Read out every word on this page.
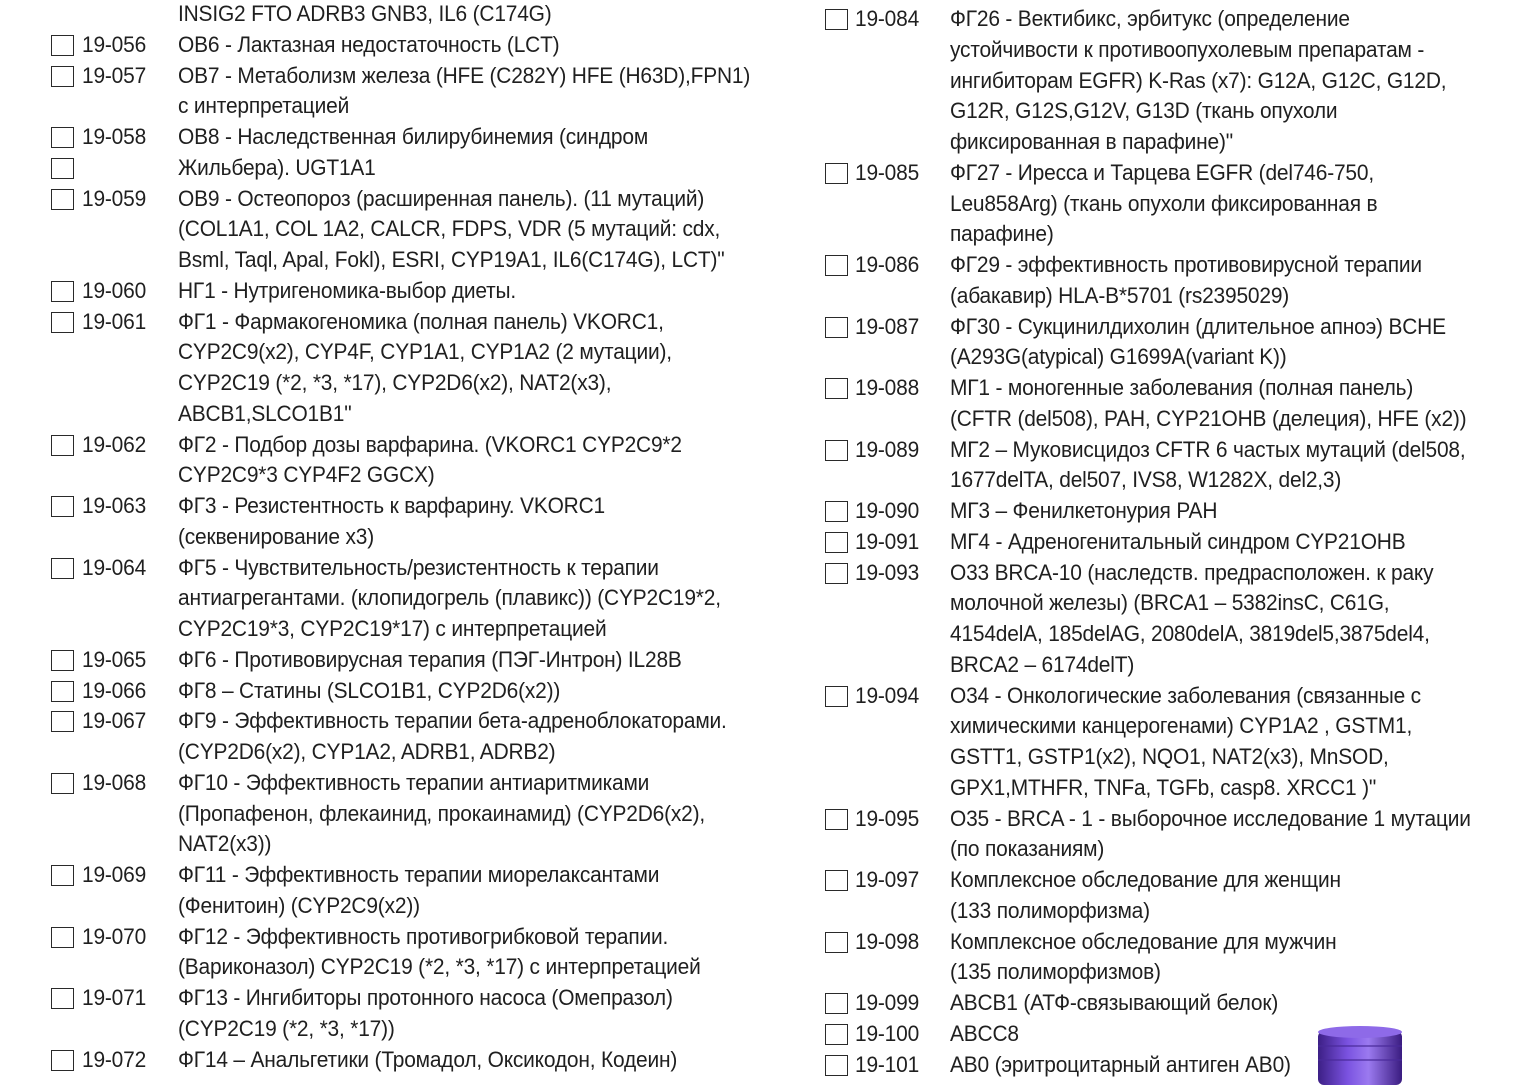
INSIG2 FTO ADRB3 GNB3, IL6 (C174G)
19-056 ОВ6 - Лактазная недостаточность (LCT)
19-057 ОВ7 - Метаболизм железа (HFE (C282Y) HFE (H63D),FPN1)
с интерпретацией
19-058 ОВ8 - Наследственная билирубинемия (синдром
Жильбера). UGT1A1
19-059 ОВ9 - Остеопороз (расширенная панель). (11 мутаций)
(COL1A1, COL 1A2, CALCR, FDPS, VDR (5 мутаций: cdx,
Bsml, Taql, Apal, Fokl), ESRI, CYP19A1, IL6(C174G), LCT)"
19-060 НГ1 - Нутригеномика-выбор диеты.
19-061 ФГ1 - Фармакогеномика (полная панель) VKORC1,
CYP2C9(x2), CYP4F, CYP1A1, CYP1A2 (2 мутации),
CYP2C19 (*2, *3, *17), CYP2D6(x2), NAT2(x3),
ABCB1,SLCO1B1"
19-062 ФГ2 - Подбор дозы варфарина. (VKORC1 CYP2C9*2
CYP2C9*3 CYP4F2 GGCX)
19-063 ФГ3 - Резистентность к варфарину. VKORC1
(секвенирование x3)
19-064 ФГ5 - Чувствительность/резистентность к терапии
антиагрегантами. (клопидогрель (плавикс)) (CYP2C19*2,
CYP2C19*3, CYP2C19*17) с интерпретацией
19-065 ФГ6 - Противовирусная терапия (ПЭГ-Интрон) IL28B
19-066 ФГ8 – Статины (SLCO1B1, CYP2D6(x2))
19-067 ФГ9 - Эффективность терапии бета-адреноблокаторами.
(CYP2D6(x2), CYP1A2, ADRB1, ADRB2)
19-068 ФГ10 - Эффективность терапии антиаритмиками
(Пропафенон, флекаинид, прокаинамид) (CYP2D6(x2),
NAT2(x3))
19-069 ФГ11 - Эффективность терапии миорелаксантами
(Фенитоин) (CYP2C9(x2))
19-070 ФГ12 - Эффективность противогрибковой терапии.
(Вариконазол) CYP2C19 (*2, *3, *17) с интерпретацией
19-071 ФГ13 - Ингибиторы протонного насоса (Омепразол)
(CYP2C19 (*2, *3, *17))
19-072 ФГ14 – Анальгетики (Тромадол, Оксикодон, Кодеин)
19-084 ФГ26 - Вектибикс, эрбитукс (определение
устойчивости к противоопухолевым препаратам -
ингибиторам EGFR) K-Ras (x7): G12A, G12C, G12D,
G12R, G12S,G12V, G13D (ткань опухоли
фиксированная в парафине)"
19-085 ФГ27 - Иресса и Тарцева EGFR (del746-750,
Leu858Arg) (ткань опухоли фиксированная в
парафине)
19-086 ФГ29 - эффективность противовирусной терапии
(абакавир) HLA-B*5701 (rs2395029)
19-087 ФГ30 - Сукцинилдихолин (длительное апноэ) BCHE
(A293G(atypical) G1699A(variant K))
19-088 МГ1 - моногенные заболевания (полная панель)
(CFTR (del508), PAH, CYP21OHB (делеция), HFE (x2))
19-089 МГ2 – Муковисцидоз CFTR 6 частых мутаций (del508,
1677delTA, del507, IVS8, W1282X, del2,3)
19-090 МГ3 – Фенилкетонурия PAH
19-091 МГ4 - Адреногенитальный синдром CYP21OHB
19-093 О33 BRCA-10 (наследств. предрасположен. к раку
молочной железы) (BRCA1 – 5382insC, C61G,
4154delA, 185delAG, 2080delA, 3819del5,3875del4,
BRCA2 – 6174delT)
19-094 О34 - Онкологические заболевания (связанные с
химическими канцерогенами) CYP1A2 , GSTM1,
GSTT1, GSTP1(x2), NQO1, NAT2(x3), MnSOD,
GPX1,MTHFR, TNFa, TGFb, casp8. XRCC1 )"
19-095 О35 - BRCA - 1 - выборочное исследование 1 мутации
(по показаниям)
19-097 Комплексное обследование для женщин
(133 полиморфизма)
19-098 Комплексное обследование для мужчин
(135 полиморфизмов)
19-099 ABCB1 (АТФ-связывающий белок)
19-100 ABCC8
19-101 AB0 (эритроцитарный антиген AB0)
